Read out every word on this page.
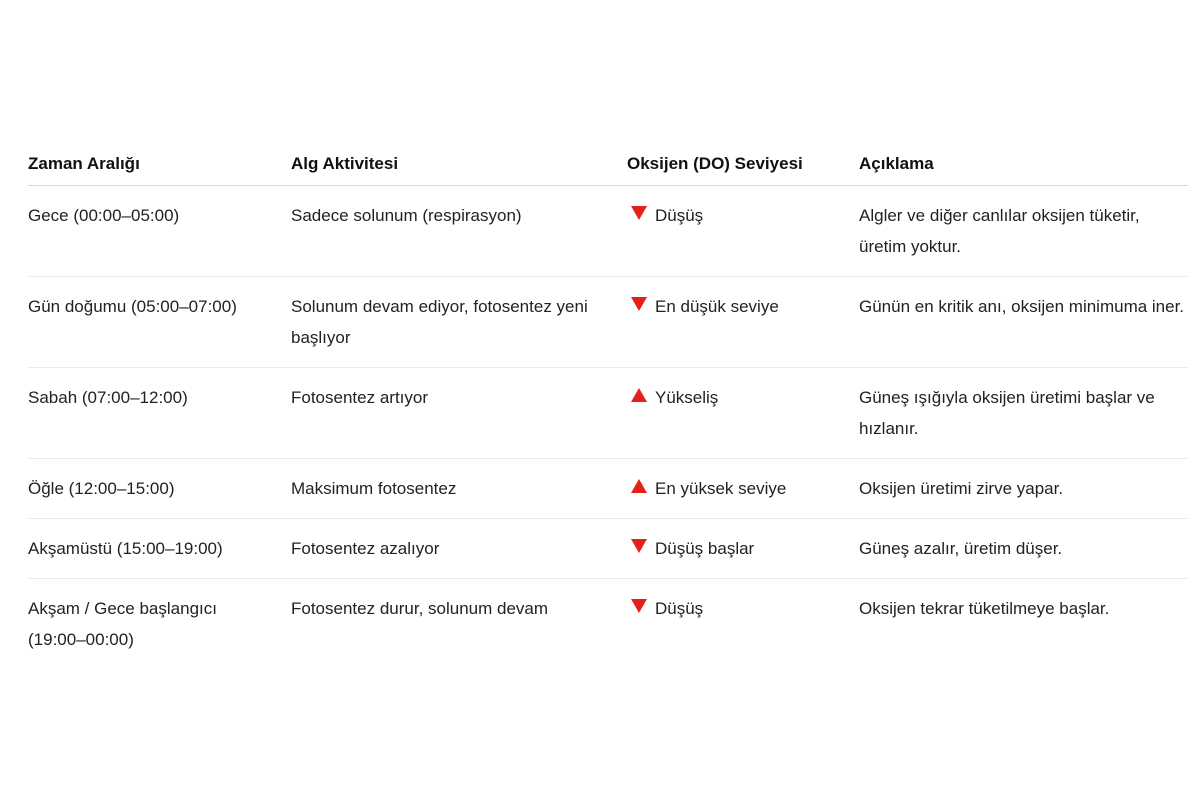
Zaman Aralığı	Alg Aktivitesi	Oksijen (DO) Seviyesi	Açıklama
Gece (00:00–05:00)	Sadece solunum (respirasyon)	Düşüş	Algler ve diğer canlılar oksijen tüketir, üretim yoktur.
Gün doğumu (05:00–07:00)	Solunum devam ediyor, fotosentez yeni başlıyor	En düşük seviye	Günün en kritik anı, oksijen minimuma iner.
Sabah (07:00–12:00)	Fotosentez artıyor	Yükseliş	Güneş ışığıyla oksijen üretimi başlar ve hızlanır.
Öğle (12:00–15:00)	Maksimum fotosentez	En yüksek seviye	Oksijen üretimi zirve yapar.
Akşamüstü (15:00–19:00)	Fotosentez azalıyor	Düşüş başlar	Güneş azalır, üretim düşer.
Akşam / Gece başlangıcı (19:00–00:00)	Fotosentez durur, solunum devam	Düşüş	Oksijen tekrar tüketilmeye başlar.
